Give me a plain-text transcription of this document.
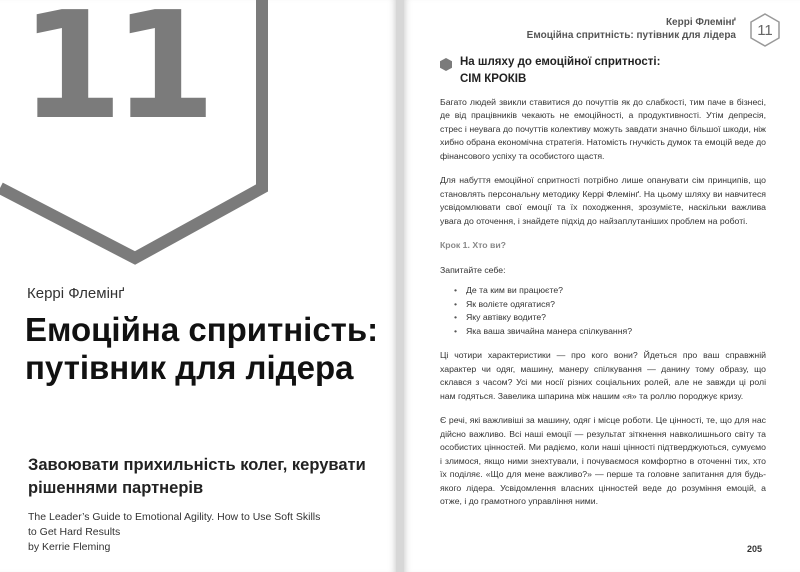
11
Керрі Флемінґ
Емоційна спритність: путівник для лідера
Завоювати прихильність колег, керувати рішеннями партнерів
The Leader’s Guide to Emotional Agility. How to Use Soft Skills
to Get Hard Results
by Kerrie Fleming
Керрі Флемінґ
Емоційна спритність: путівник для лідера	11
На шляху до емоційної спритності:
СІМ КРОКІВ

Багато людей звикли ставитися до почуттів як до слабкості, тим паче в бізнесі, де від працівників чекають не емоційності, а продуктивності. Утім депресія, стрес і неувага до почуттів колективу можуть завдати значно більшої шкоди, ніж хибно обрана економічна стратегія. Натомість гнучкість думок та емоцій веде до фінансового успіху та особистого щастя.

Для набуття емоційної спритності потрібно лише опанувати сім принципів, що становлять персональну методику Керрі Флемінґ. На цьому шляху ви навчитеся усвідомлювати свої емоції та їх походження, зрозумієте, наскільки важлива увага до оточення, і знайдете підхід до найзаплутаніших проблем на роботі.

Крок 1. Хто ви?

Запитайте себе:

• Де та ким ви працюєте?
• Як волієте одягатися?
• Яку автівку водите?
• Яка ваша звичайна манера спілкування?

Ці чотири характеристики — про кого вони? Йдеться про ваш справжній характер чи одяг, машину, манеру спілкування — данину тому образу, що склався з часом? Усі ми носії різних соціальних ролей, але не завжди ці ролі нам годяться. Завелика шпарина між нашим «я» та роллю породжує кризу.

Є речі, які важливіші за машину, одяг і місце роботи. Це цінності, те, що для нас дійсно важливо. Всі наші емоції — результат зіткнення навколишнього світу та особистих цінностей. Ми радіємо, коли наші цінності підтверджуються, сумуємо і злимося, якщо ними знехтували, і почуваємося комфортно в оточенні тих, хто їх поділяє. «Що для мене важливо?» — перше та головне запитання для будь-якого лідера. Усвідомлення власних цінностей веде до розуміння емоцій, а отже, і до грамотного управління ними.

205
